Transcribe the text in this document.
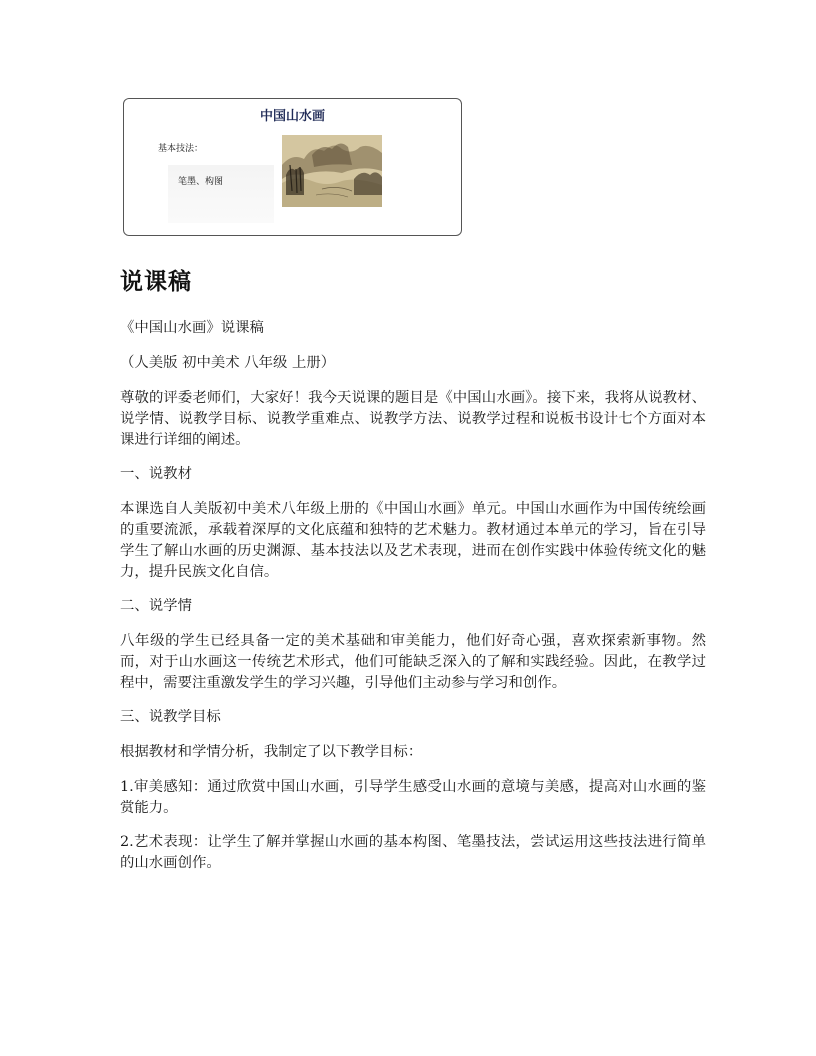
中国山水画
基本技法：
笔墨、构图
说课稿

《中国山水画》说课稿

（人美版 初中美术 八年级 上册）

尊敬的评委老师们，大家好！我今天说课的题目是《中国山水画》。接下来，我将从说教材、说学情、说教学目标、说教学重难点、说教学方法、说教学过程和说板书设计七个方面对本课进行详细的阐述。

一、说教材

本课选自人美版初中美术八年级上册的《中国山水画》单元。中国山水画作为中国传统绘画的重要流派，承载着深厚的文化底蕴和独特的艺术魅力。教材通过本单元的学习，旨在引导学生了解山水画的历史渊源、基本技法以及艺术表现，进而在创作实践中体验传统文化的魅力，提升民族文化自信。

二、说学情

八年级的学生已经具备一定的美术基础和审美能力，他们好奇心强，喜欢探索新事物。然而，对于山水画这一传统艺术形式，他们可能缺乏深入的了解和实践经验。因此，在教学过程中，需要注重激发学生的学习兴趣，引导他们主动参与学习和创作。

三、说教学目标

根据教材和学情分析，我制定了以下教学目标：

1.审美感知：通过欣赏中国山水画，引导学生感受山水画的意境与美感，提高对山水画的鉴赏能力。

2.艺术表现：让学生了解并掌握山水画的基本构图、笔墨技法，尝试运用这些技法进行简单的山水画创作。
